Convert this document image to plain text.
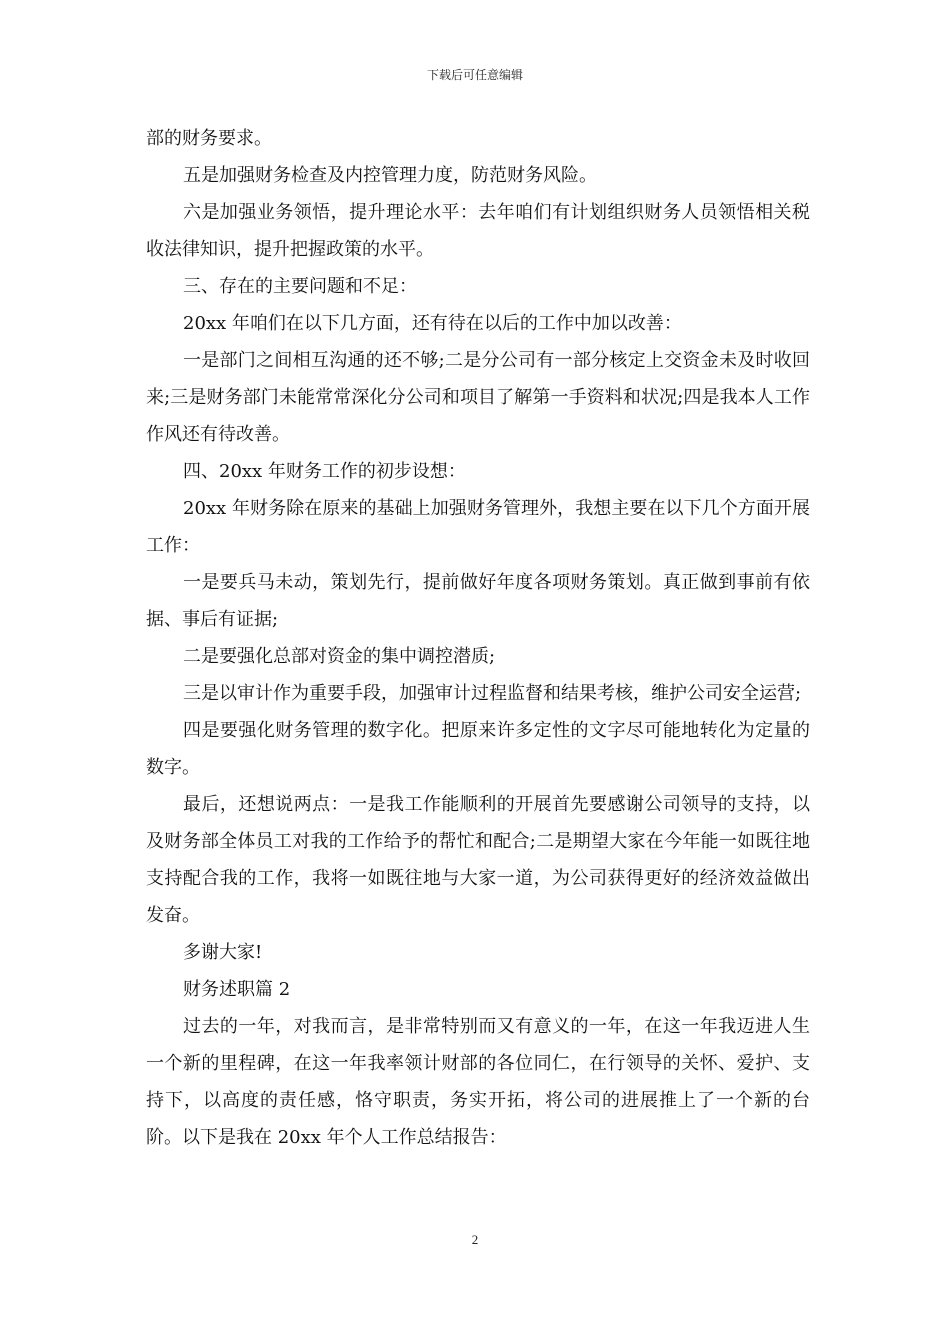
下载后可任意编辑

部的财务要求。

五是加强财务检查及内控管理力度，防范财务风险。

六是加强业务领悟，提升理论水平：去年咱们有计划组织财务人员领悟相关税收法律知识，提升把握政策的水平。

三、存在的主要问题和不足：

20xx 年咱们在以下几方面，还有待在以后的工作中加以改善：

一是部门之间相互沟通的还不够;二是分公司有一部分核定上交资金未及时收回来;三是财务部门未能常常深化分公司和项目了解第一手资料和状况;四是我本人工作作风还有待改善。

四、20xx 年财务工作的初步设想：

20xx 年财务除在原来的基础上加强财务管理外，我想主要在以下几个方面开展工作：

一是要兵马未动，策划先行，提前做好年度各项财务策划。真正做到事前有依据、事后有证据;

二是要强化总部对资金的集中调控潜质;

三是以审计作为重要手段，加强审计过程监督和结果考核，维护公司安全运营;

四是要强化财务管理的数字化。把原来许多定性的文字尽可能地转化为定量的数字。

最后，还想说两点：一是我工作能顺利的开展首先要感谢公司领导的支持，以及财务部全体员工对我的工作给予的帮忙和配合;二是期望大家在今年能一如既往地支持配合我的工作，我将一如既往地与大家一道，为公司获得更好的经济效益做出发奋。

多谢大家!

财务述职篇 2

过去的一年，对我而言，是非常特别而又有意义的一年，在这一年我迈进人生一个新的里程碑，在这一年我率领计财部的各位同仁，在行领导的关怀、爱护、支持下，以高度的责任感，恪守职责，务实开拓，将公司的进展推上了一个新的台阶。以下是我在 20xx 年个人工作总结报告：

2
